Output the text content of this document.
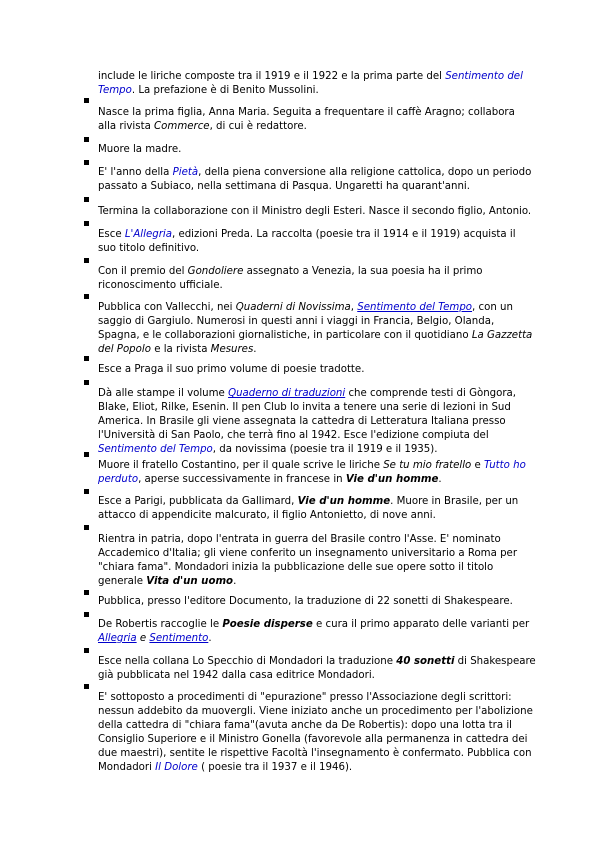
include le liriche composte tra il 1919 e il 1922 e la prima parte del Sentimento del
Tempo. La prefazione è di Benito Mussolini.

Nasce la prima figlia, Anna Maria. Seguita a frequentare il caffè Aragno; collabora
alla rivista Commerce, di cui è redattore.

Muore la madre.

E' l'anno della Pietà, della piena conversione alla religione cattolica, dopo un periodo
passato a Subiaco, nella settimana di Pasqua. Ungaretti ha quarant'anni.

Termina la collaborazione con il Ministro degli Esteri. Nasce il secondo figlio, Antonio.

Esce L'Allegria, edizioni Preda. La raccolta (poesie tra il 1914 e il 1919) acquista il
suo titolo definitivo.

Con il premio del Gondoliere assegnato a Venezia, la sua poesia ha il primo
riconoscimento ufficiale.

Pubblica con Vallecchi, nei Quaderni di Novissima, Sentimento del Tempo, con un
saggio di Gargiulo. Numerosi in questi anni i viaggi in Francia, Belgio, Olanda,
Spagna, e le collaborazioni giornalistiche, in particolare con il quotidiano La Gazzetta
del Popolo e la rivista Mesures.

Esce a Praga il suo primo volume di poesie tradotte.

Dà alle stampe il volume Quaderno di traduzioni che comprende testi di Gòngora,
Blake, Eliot, Rilke, Esenin. Il pen Club lo invita a tenere una serie di lezioni in Sud
America. In Brasile gli viene assegnata la cattedra di Letteratura Italiana presso
l'Università di San Paolo, che terrà fino al 1942. Esce l'edizione compiuta del
Sentimento del Tempo, da novissima (poesie tra il 1919 e il 1935).

Muore il fratello Costantino, per il quale scrive le liriche Se tu mio fratello e Tutto ho
perduto, aperse successivamente in francese in Vie d'un homme.

Esce a Parigi, pubblicata da Gallimard, Vie d'un homme. Muore in Brasile, per un
attacco di appendicite malcurato, il figlio Antonietto, di nove anni.

Rientra in patria, dopo l'entrata in guerra del Brasile contro l'Asse. E' nominato
Accademico d'Italia; gli viene conferito un insegnamento universitario a Roma per
"chiara fama". Mondadori inizia la pubblicazione delle sue opere sotto il titolo
generale Vita d'un uomo.

Pubblica, presso l'editore Documento, la traduzione di 22 sonetti di Shakespeare.

De Robertis raccoglie le Poesie disperse e cura il primo apparato delle varianti per
Allegria e Sentimento.

Esce nella collana Lo Specchio di Mondadori la traduzione 40 sonetti di Shakespeare
già pubblicata nel 1942 dalla casa editrice Mondadori.

E' sottoposto a procedimenti di "epurazione" presso l'Associazione degli scrittori:
nessun addebito da muovergli. Viene iniziato anche un procedimento per l'abolizione
della cattedra di "chiara fama"(avuta anche da De Robertis): dopo una lotta tra il
Consiglio Superiore e il Ministro Gonella (favorevole alla permanenza in cattedra dei
due maestri), sentite le rispettive Facoltà l'insegnamento è confermato. Pubblica con
Mondadori Il Dolore ( poesie tra il 1937 e il 1946).
